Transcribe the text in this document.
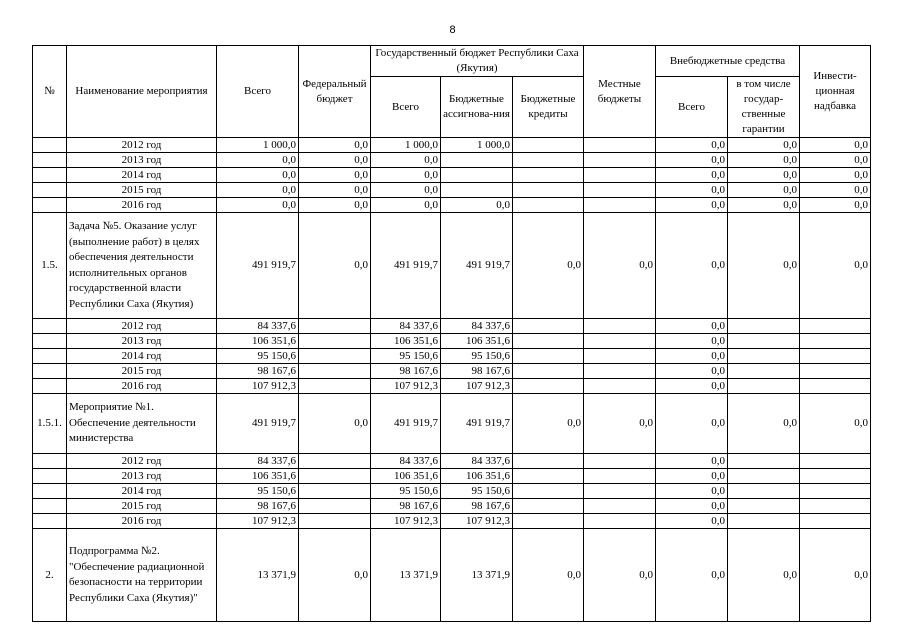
8
№	Наименование мероприятия	Всего	Федеральный бюджет	Государственный бюджет Республики Саха (Якутия)			Местные бюджеты	Внебюджетные средства		Инвести-ционная надбавка
				Всего	Бюджетные ассигнова-ния	Бюджетные кредиты		Всего	в том числе государ-ственные гарантии	
	2012 год	1 000,0	0,0	1 000,0	1 000,0			0,0	0,0	0,0
	2013 год	0,0	0,0	0,0				0,0	0,0	0,0
	2014 год	0,0	0,0	0,0				0,0	0,0	0,0
	2015 год	0,0	0,0	0,0				0,0	0,0	0,0
	2016 год	0,0	0,0	0,0	0,0			0,0	0,0	0,0
1.5.	Задача №5. Оказание услуг (выполнение работ) в целях обеспечения деятельности исполнительных органов государственной власти Республики Саха (Якутия)	491 919,7	0,0	491 919,7	491 919,7	0,0	0,0	0,0	0,0	0,0
	2012 год	84 337,6		84 337,6	84 337,6			0,0		
	2013 год	106 351,6		106 351,6	106 351,6			0,0		
	2014 год	95 150,6		95 150,6	95 150,6			0,0		
	2015 год	98 167,6		98 167,6	98 167,6			0,0		
	2016 год	107 912,3		107 912,3	107 912,3			0,0		
1.5.1.	Мероприятие №1. Обеспечение деятельности министерства	491 919,7	0,0	491 919,7	491 919,7	0,0	0,0	0,0	0,0	0,0
	2012 год	84 337,6		84 337,6	84 337,6			0,0		
	2013 год	106 351,6		106 351,6	106 351,6			0,0		
	2014 год	95 150,6		95 150,6	95 150,6			0,0		
	2015 год	98 167,6		98 167,6	98 167,6			0,0		
	2016 год	107 912,3		107 912,3	107 912,3			0,0		
2.	Подпрограмма №2. "Обеспечение радиационной безопасности на территории Республики Саха (Якутия)"	13 371,9	0,0	13 371,9	13 371,9	0,0	0,0	0,0	0,0	0,0
